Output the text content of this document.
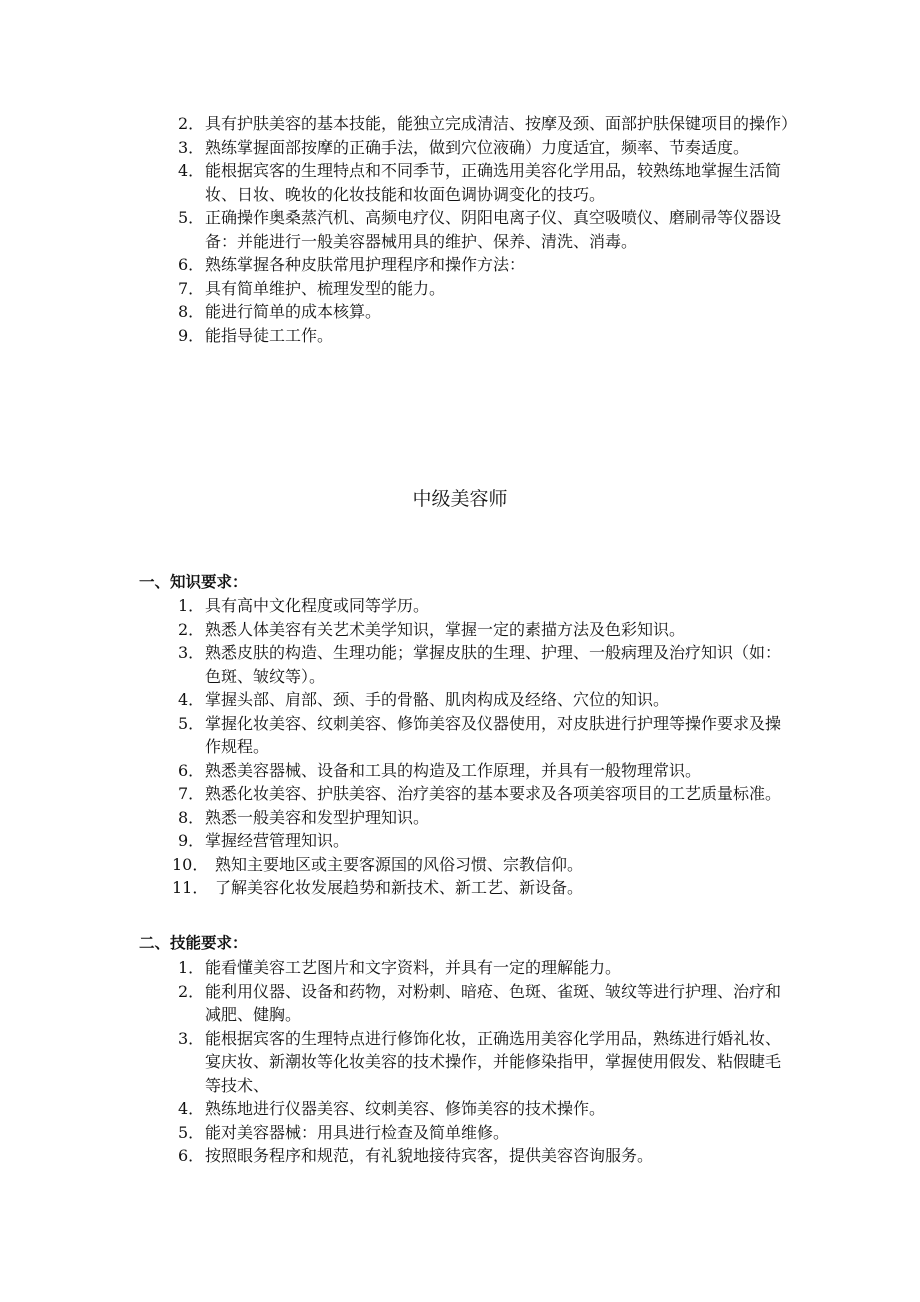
2． 具有护肤美容的基本技能，能独立完成清洁、按摩及颈、面部护肤保键项目的操作）
3． 熟练掌握面部按摩的正确手法，做到穴位液确）力度适宜，频率、节奏适度。
4． 能根据宾客的生理特点和不同季节，正确选用美容化学用品，较熟练地掌握生活简妆、日妆、晚妆的化妆技能和妆面色调协调变化的技巧。
5． 正确操作奥桑蒸汽机、高频电疗仪、阴阳电离子仪、真空吸喷仪、磨刷帚等仪器设备：并能进行一般美容器械用具的维护、保养、清洗、消毒。
6． 熟练掌握各种皮肤常甩护理程序和操作方法：
7． 具有简单维护、梳理发型的能力。
8． 能进行简单的成本核算。
9． 能指导徒工工作。
中级美容师
一、知识要求：
1． 具有高中文化程度或同等学历。
2． 熟悉人体美容有关艺术美学知识，掌握一定的素描方法及色彩知识。
3． 熟悉皮肤的构造、生理功能；掌握皮肤的生理、护理、一般病理及治疗知识（如：色斑、皱纹等）。
4． 掌握头部、肩部、颈、手的骨骼、肌肉构成及经络、穴位的知识。
5． 掌握化妆美容、纹刺美容、修饰美容及仪器使用，对皮肤进行护理等操作要求及操作规程。
6． 熟悉美容器械、设备和工具的构造及工作原理，并具有一般物理常识。
7． 熟悉化妆美容、护肤美容、治疗美容的基本要求及各项美容项目的工艺质量标准。
8． 熟悉一般美容和发型护理知识。
9． 掌握经营管理知识。
10． 熟知主要地区或主要客源国的风俗习惯、宗教信仰。
11． 了解美容化妆发展趋势和新技术、新工艺、新设备。
二、技能要求：
1． 能看懂美容工艺图片和文字资料，并具有一定的理解能力。
2． 能利用仪器、设备和药物，对粉刺、暗疮、色斑、雀斑、皱纹等进行护理、治疗和减肥、健胸。
3． 能根据宾客的生理特点进行修饰化妆，正确选用美容化学用品，熟练进行婚礼妆、宴庆妆、新潮妆等化妆美容的技术操作，并能修染指甲，掌握使用假发、粘假睫毛等技术、
4． 熟练地进行仪器美容、纹刺美容、修饰美容的技术操作。
5． 能对美容器械：用具进行检查及简单维修。
6． 按照眼务程序和规范，有礼貌地接待宾客，提供美容咨询服务。
